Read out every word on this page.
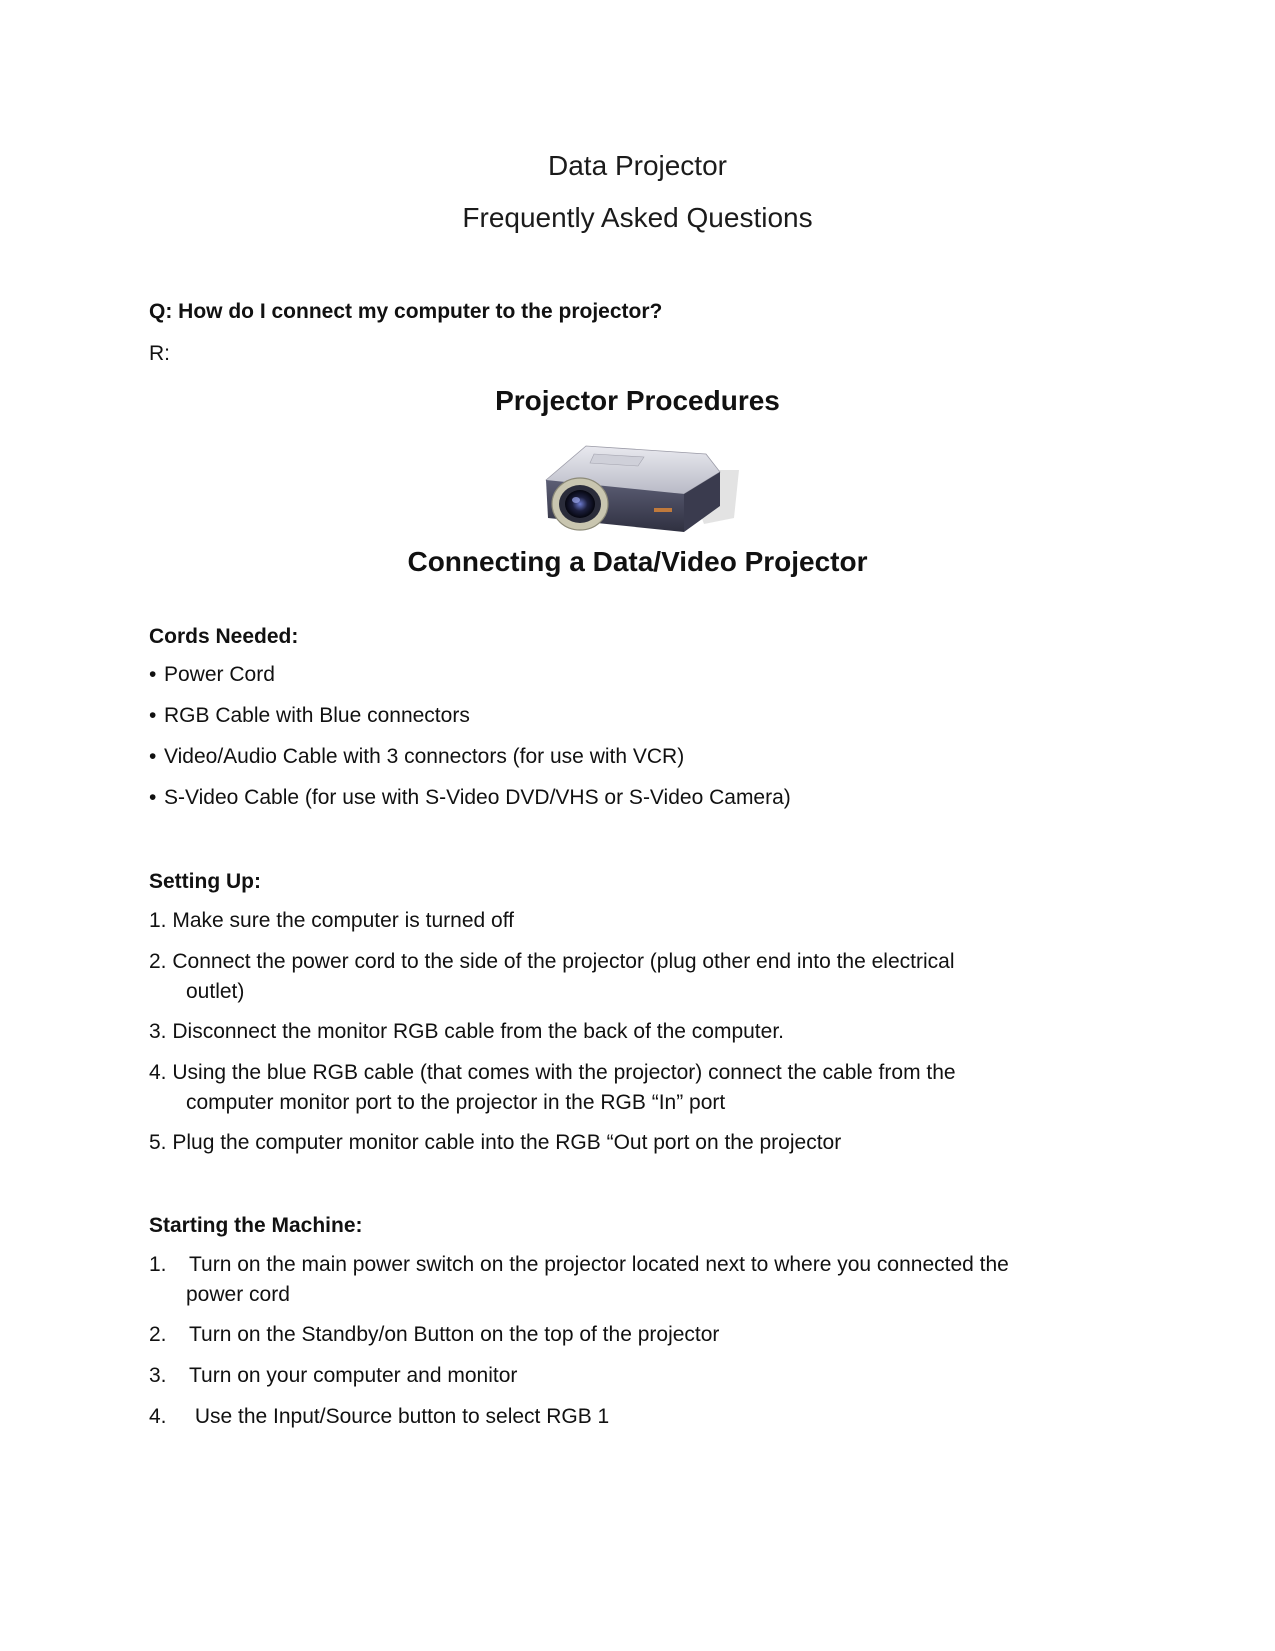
Data Projector
Frequently Asked Questions
Q: How do I connect my computer to the projector?
R:
Projector Procedures
Connecting a Data/Video Projector
Cords Needed:
• Power Cord
• RGB Cable with Blue connectors
• Video/Audio Cable with 3 connectors (for use with VCR)
• S-Video Cable (for use with S-Video DVD/VHS or S-Video Camera)
Setting Up:
1. Make sure the computer is turned off
2. Connect the power cord to the side of the projector (plug other end into the electrical
outlet)
3. Disconnect the monitor RGB cable from the back of the computer.
4. Using the blue RGB cable (that comes with the projector) connect the cable from the
computer monitor port to the projector in the RGB “In” port
5. Plug the computer monitor cable into the RGB “Out port on the projector
Starting the Machine:
1. Turn on the main power switch on the projector located next to where you connected the
power cord
2. Turn on the Standby/on Button on the top of the projector
3. Turn on your computer and monitor
4. Use the Input/Source button to select RGB 1
